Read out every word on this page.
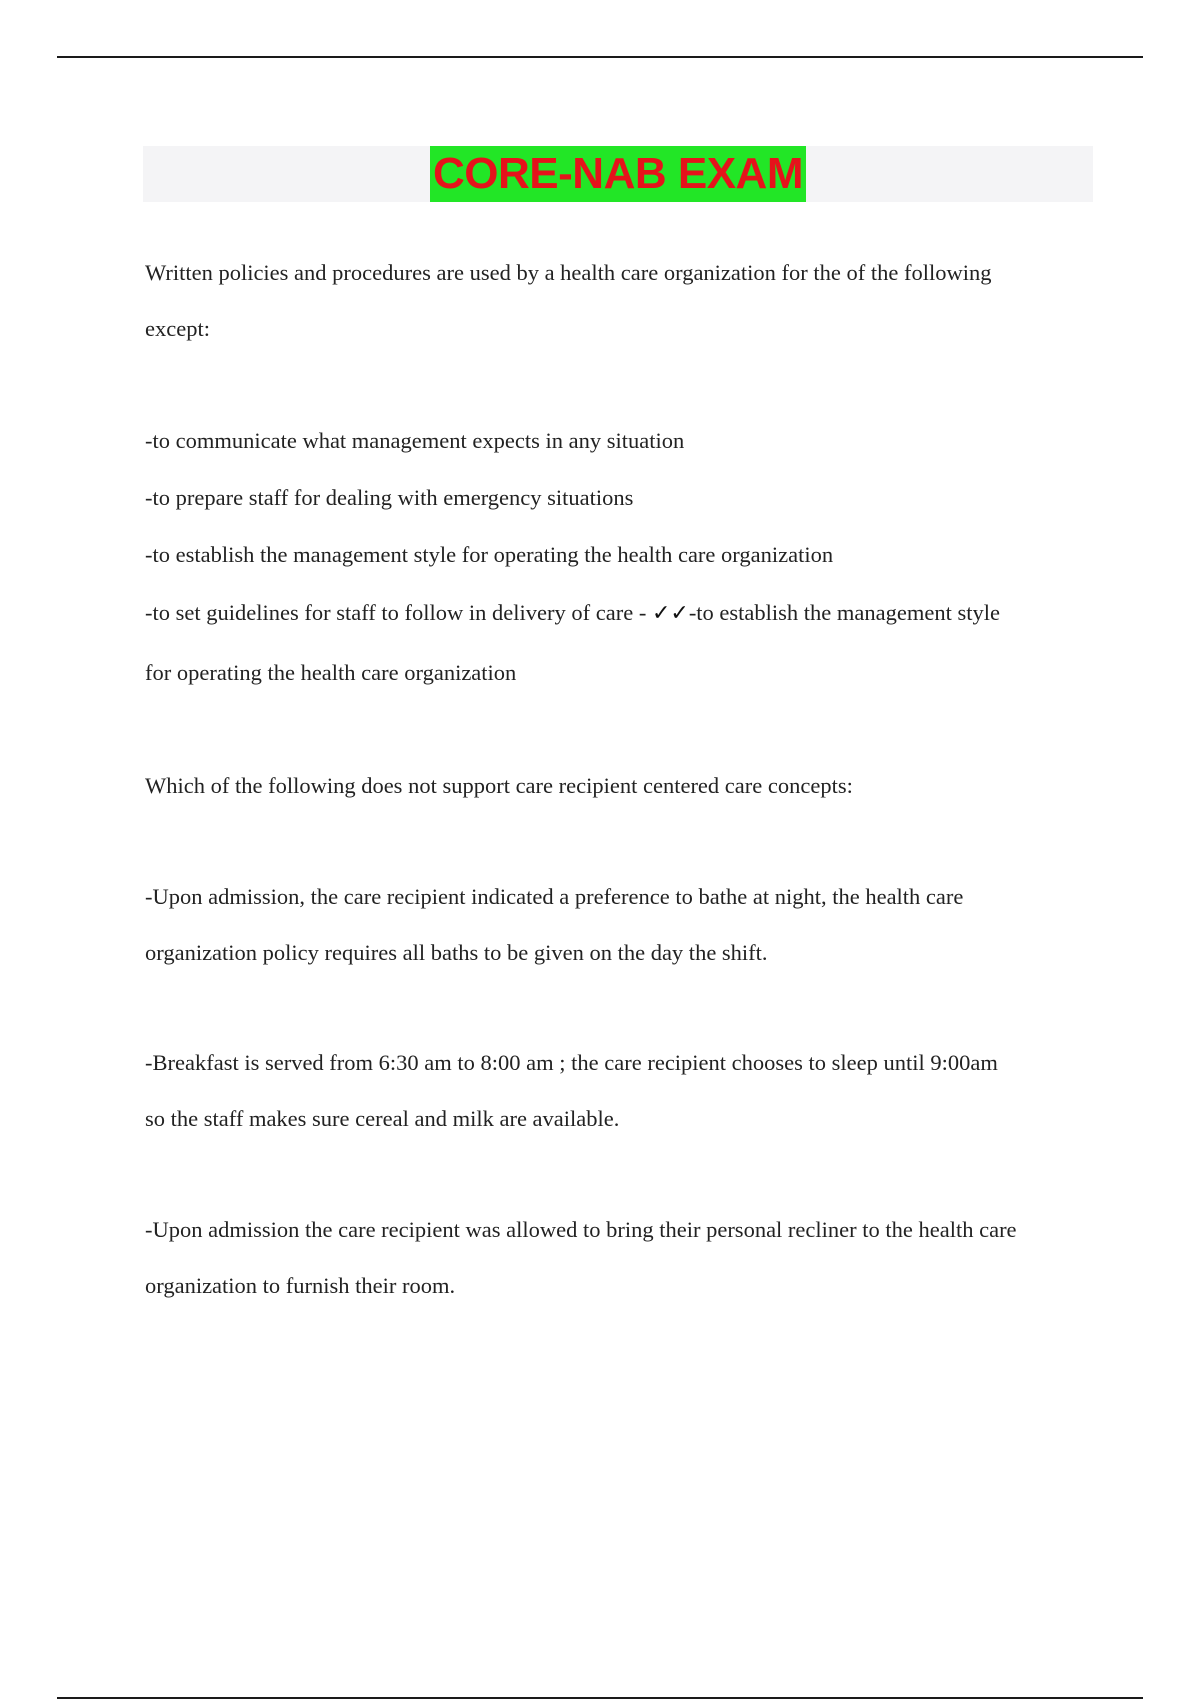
CORE-NAB EXAM

Written policies and procedures are used by a health care organization for the of the following

except:

-to communicate what management expects in any situation

-to prepare staff for dealing with emergency situations

-to establish the management style for operating the health care organization

-to set guidelines for staff to follow in delivery of care - ✓✓-to establish the management style

for operating the health care organization

Which of the following does not support care recipient centered care concepts:

-Upon admission, the care recipient indicated a preference to bathe at night, the health care

organization policy requires all baths to be given on the day the shift.

-Breakfast is served from 6:30 am to 8:00 am ; the care recipient chooses to sleep until 9:00am

so the staff makes sure cereal and milk are available.

-Upon admission the care recipient was allowed to bring their personal recliner to the health care

organization to furnish their room.
